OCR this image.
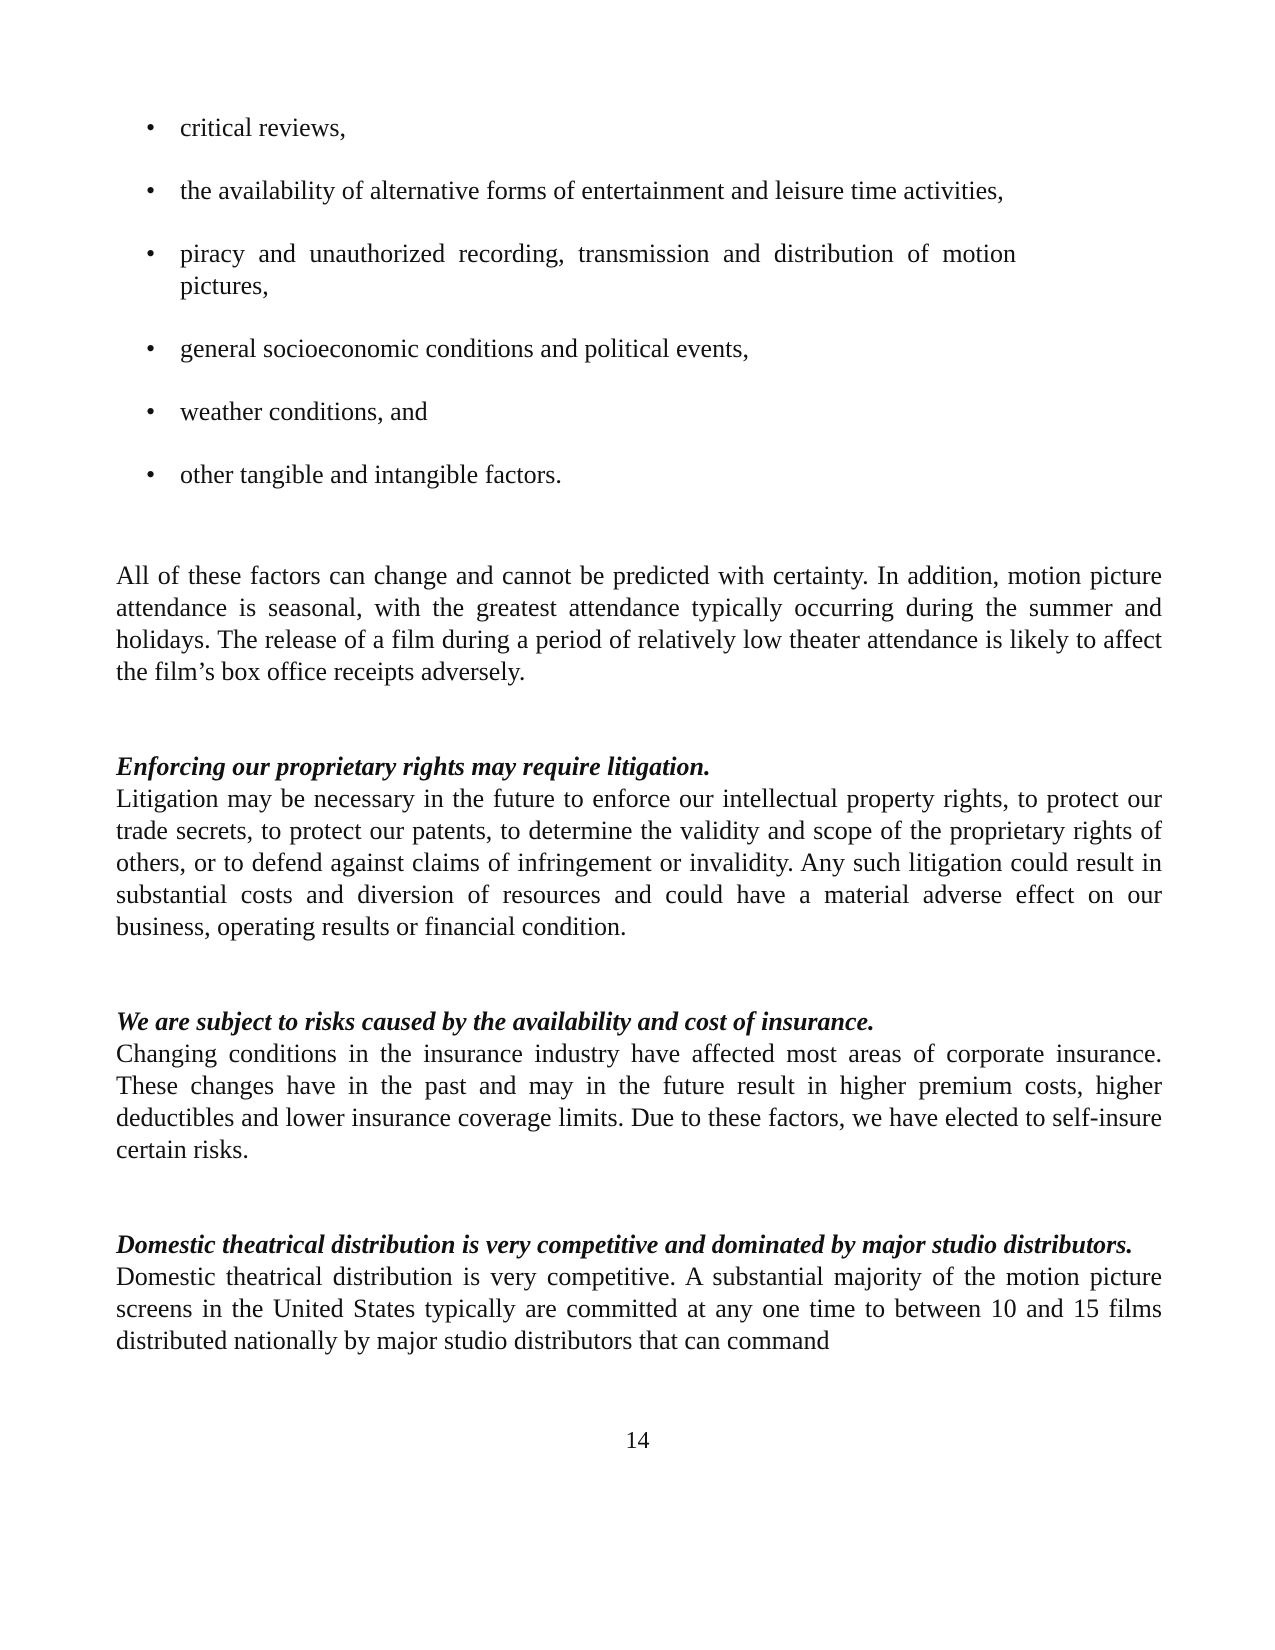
• critical reviews,
• the availability of alternative forms of entertainment and leisure time activities,
• piracy and unauthorized recording, transmission and distribution of motion pictures,
• general socioeconomic conditions and political events,
• weather conditions, and
• other tangible and intangible factors.

All of these factors can change and cannot be predicted with certainty. In addition, motion picture attendance is seasonal, with the greatest attendance typically occurring during the summer and holidays. The release of a film during a period of relatively low theater attendance is likely to affect the film’s box office receipts adversely.

Enforcing our proprietary rights may require litigation.

Litigation may be necessary in the future to enforce our intellectual property rights, to protect our trade secrets, to protect our patents, to determine the validity and scope of the proprietary rights of others, or to defend against claims of infringement or invalidity. Any such litigation could result in substantial costs and diversion of resources and could have a material adverse effect on our business, operating results or financial condition.

We are subject to risks caused by the availability and cost of insurance.

Changing conditions in the insurance industry have affected most areas of corporate insurance. These changes have in the past and may in the future result in higher premium costs, higher deductibles and lower insurance coverage limits. Due to these factors, we have elected to self-insure certain risks.

Domestic theatrical distribution is very competitive and dominated by major studio distributors.

Domestic theatrical distribution is very competitive. A substantial majority of the motion picture screens in the United States typically are committed at any one time to between 10 and 15 films distributed nationally by major studio distributors that can command

14
